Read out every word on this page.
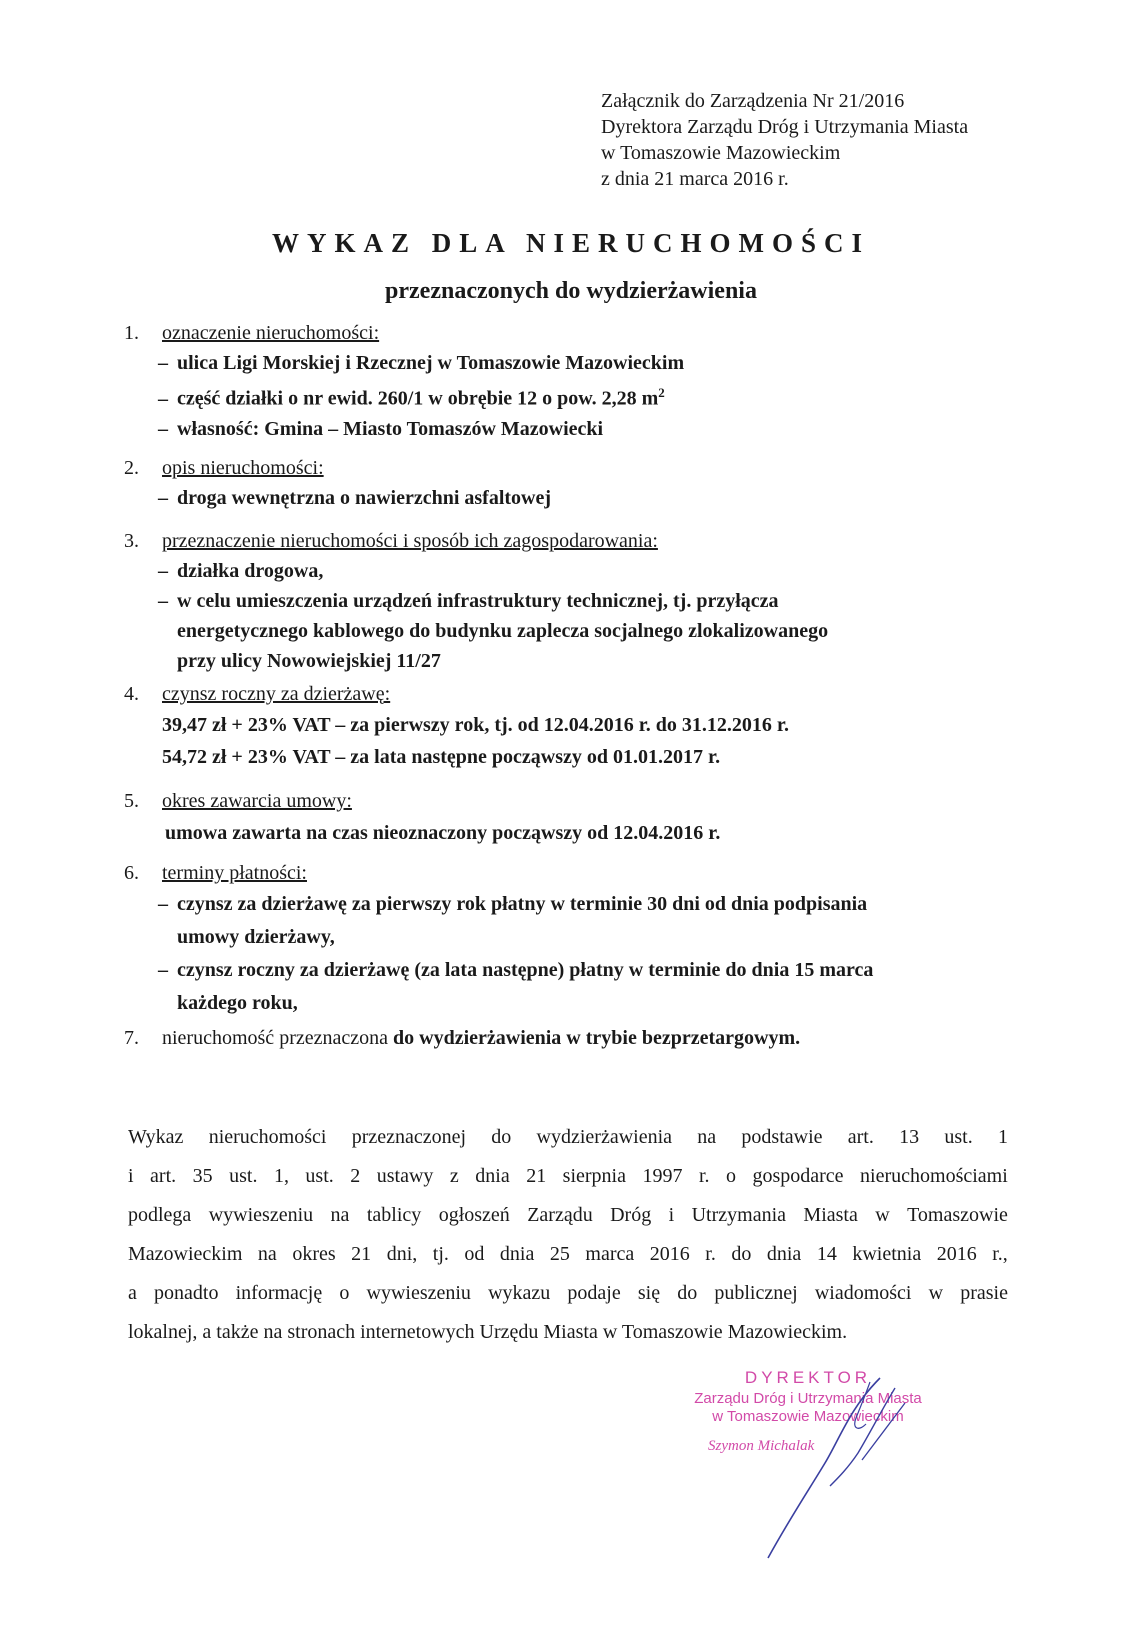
Załącznik do Zarządzenia Nr 21/2016
Dyrektora Zarządu Dróg i Utrzymania Miasta
w Tomaszowie Mazowieckim
z dnia 21 marca 2016 r.
WYKAZ DLA NIERUCHOMOŚCI
przeznaczonych do wydzierżawienia
1. oznaczenie nieruchomości:
– ulica Ligi Morskiej i Rzecznej w Tomaszowie Mazowieckim
– część działki o nr ewid. 260/1 w obrębie 12 o pow. 2,28 $m^2$
– własność: Gmina – Miasto Tomaszów Mazowiecki
2. opis nieruchomości:
– droga wewnętrzna o nawierzchni asfaltowej
3. przeznaczenie nieruchomości i sposób ich zagospodarowania:
– działka drogowa,
– w celu umieszczenia urządzeń infrastruktury technicznej, tj. przyłącza
energetycznego kablowego do budynku zaplecza socjalnego zlokalizowanego
przy ulicy Nowowiejskiej 11/27
4. czynsz roczny za dzierżawę:
39,47 zł + 23% VAT – za pierwszy rok, tj. od 12.04.2016 r. do 31.12.2016 r.
54,72 zł + 23% VAT – za lata następne począwszy od 01.01.2017 r.
5. okres zawarcia umowy:
umowa zawarta na czas nieoznaczony począwszy od 12.04.2016 r.
6. terminy płatności:
– czynsz za dzierżawę za pierwszy rok płatny w terminie 30 dni od dnia podpisania
umowy dzierżawy,
– czynsz roczny za dzierżawę (za lata następne) płatny w terminie do dnia 15 marca
każdego roku,
7. nieruchomość przeznaczona do wydzierżawienia w trybie bezprzetargowym.
Wykaz nieruchomości przeznaczonej do wydzierżawienia na podstawie art. 13 ust. 1
i art. 35 ust. 1, ust. 2 ustawy z dnia 21 sierpnia 1997 r. o gospodarce nieruchomościami
podlega wywieszeniu na tablicy ogłoszeń Zarządu Dróg i Utrzymania Miasta w Tomaszowie
Mazowieckim na okres 21 dni, tj. od dnia 25 marca 2016 r. do dnia 14 kwietnia 2016 r.,
a ponadto informację o wywieszeniu wykazu podaje się do publicznej wiadomości w prasie
lokalnej, a także na stronach internetowych Urzędu Miasta w Tomaszowie Mazowieckim.
DYREKTOR
Zarządu Dróg i Utrzymania Miasta
w Tomaszowie Mazowieckim
Szymon Michalak
